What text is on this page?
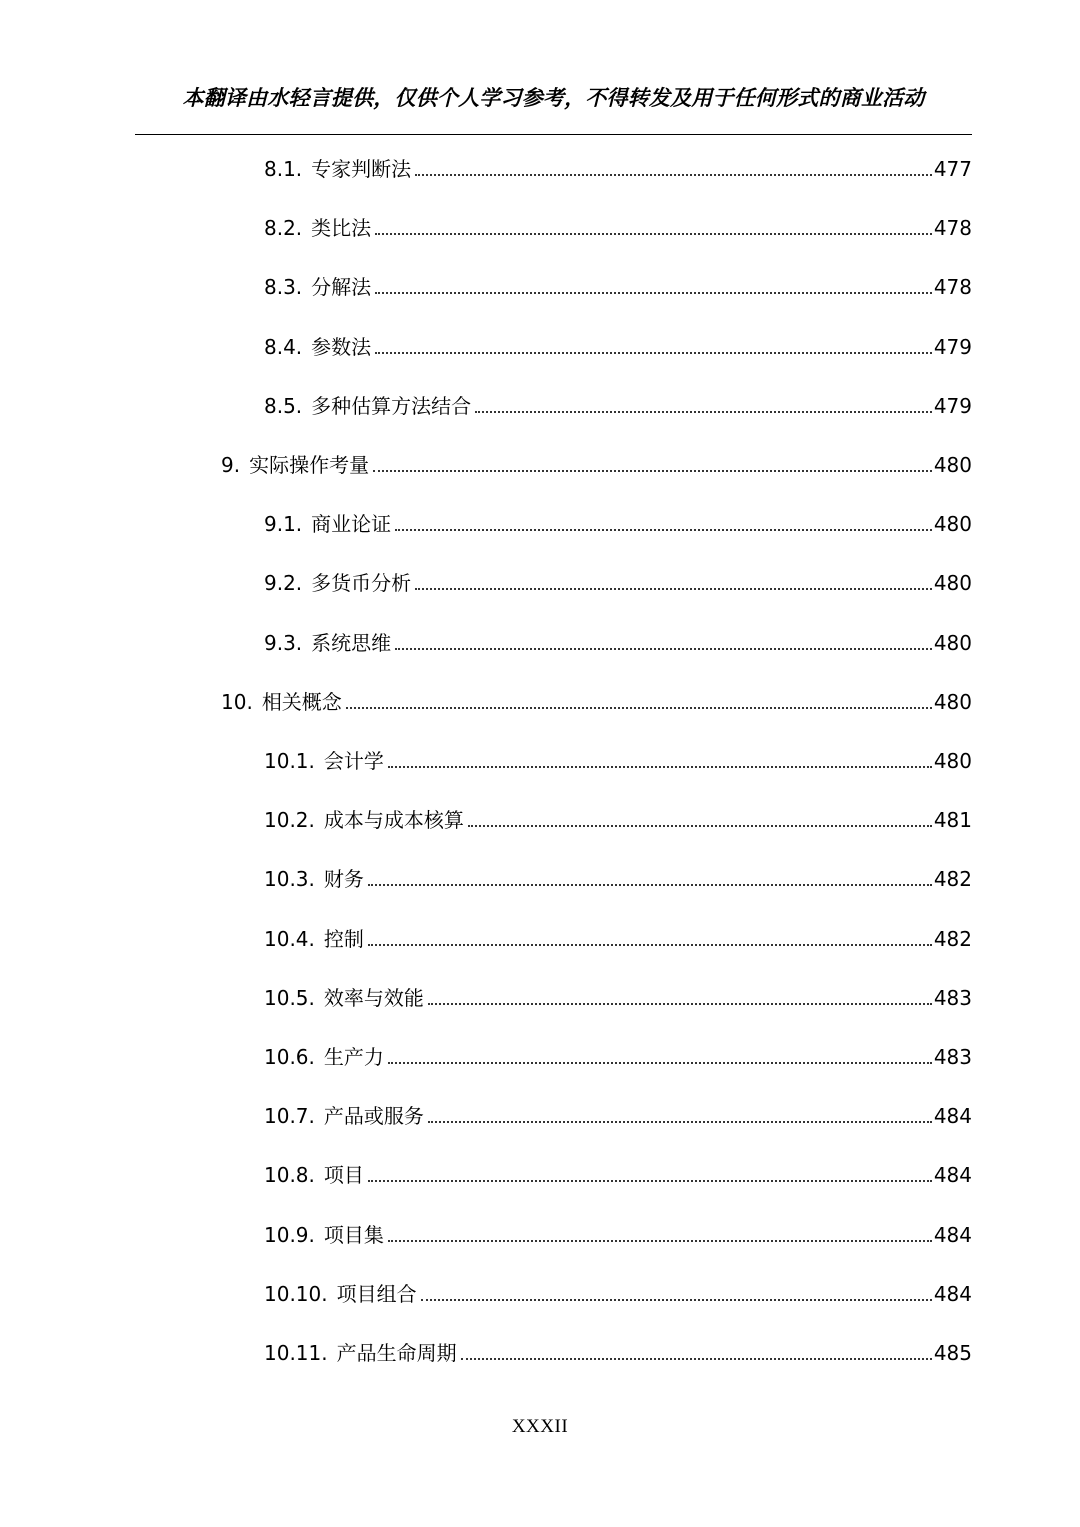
本翻译由水轻言提供，仅供个人学习参考，不得转发及用于任何形式的商业活动
8.1. 专家判断法	477
8.2. 类比法	478
8.3. 分解法	478
8.4. 参数法	479
8.5. 多种估算方法结合	479
9. 实际操作考量	480
9.1. 商业论证	480
9.2. 多货币分析	480
9.3. 系统思维	480
10. 相关概念	480
10.1. 会计学	480
10.2. 成本与成本核算	481
10.3. 财务	482
10.4. 控制	482
10.5. 效率与效能	483
10.6. 生产力	483
10.7. 产品或服务	484
10.8. 项目	484
10.9. 项目集	484
10.10. 项目组合	484
10.11. 产品生命周期	485
XXXII
